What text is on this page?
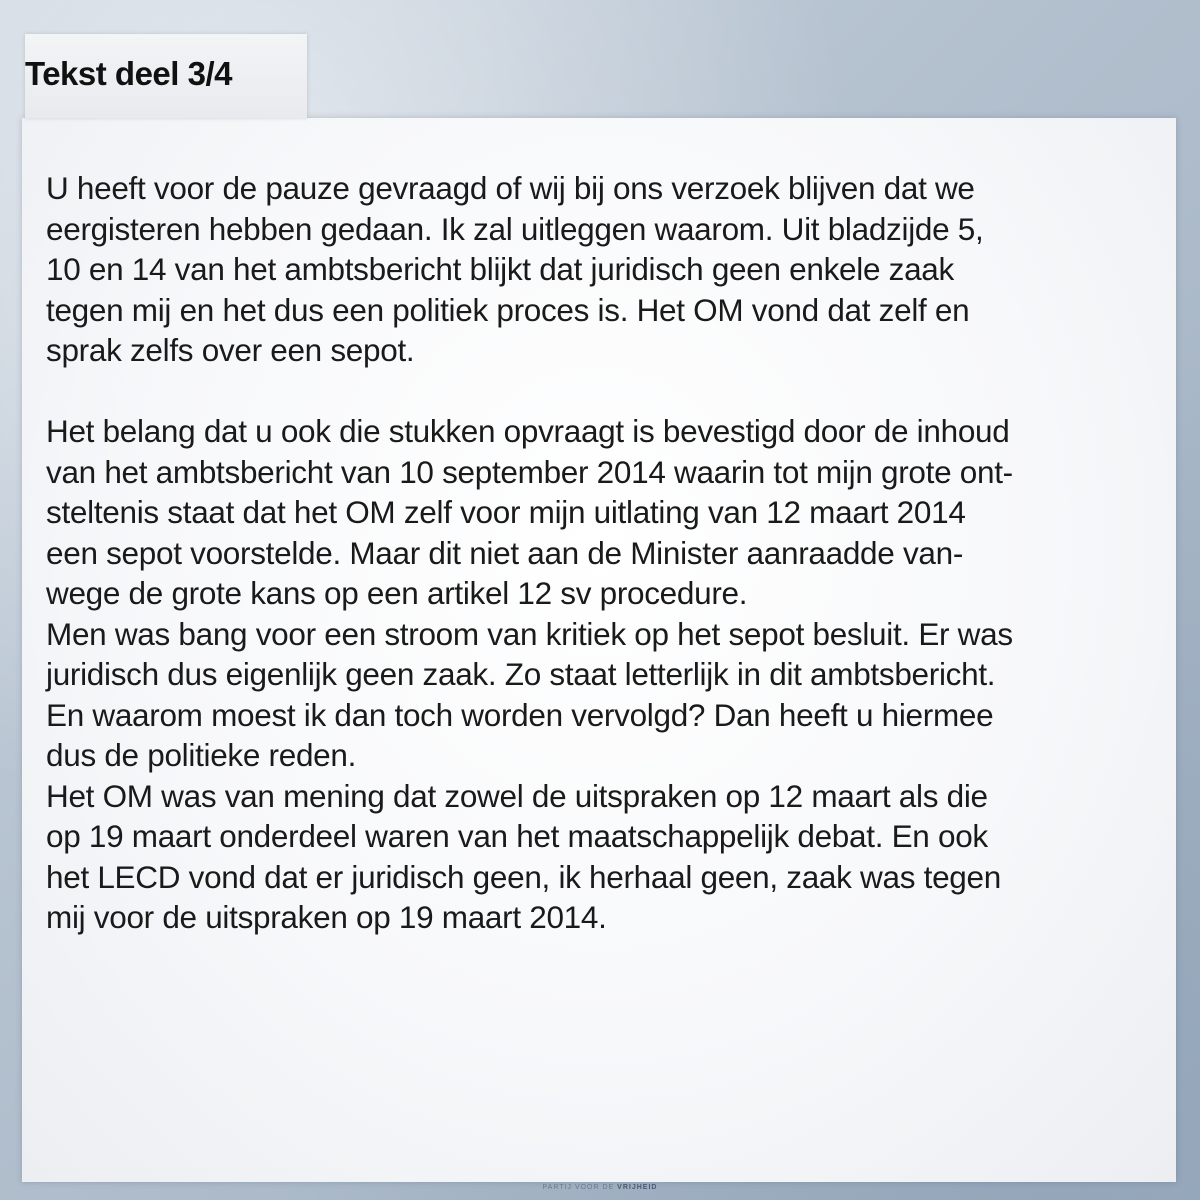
Tekst deel 3/4
U heeft voor de pauze gevraagd of wij bij ons verzoek blijven dat we
eergisteren hebben gedaan. Ik zal uitleggen waarom. Uit bladzijde 5,
10 en 14 van het ambtsbericht blijkt dat juridisch geen enkele zaak
tegen mij en het dus een politiek proces is. Het OM vond dat zelf en
sprak zelfs over een sepot.
Het belang dat u ook die stukken opvraagt is bevestigd door de inhoud
van het ambtsbericht van 10 september 2014 waarin tot mijn grote ont-
steltenis staat dat het OM zelf voor mijn uitlating van 12 maart 2014
een sepot voorstelde. Maar dit niet aan de Minister aanraadde van-
wege de grote kans op een artikel 12 sv procedure.
Men was bang voor een stroom van kritiek op het sepot besluit. Er was
juridisch dus eigenlijk geen zaak. Zo staat letterlijk in dit ambtsbericht.
En waarom moest ik dan toch worden vervolgd? Dan heeft u hiermee
dus de politieke reden.
Het OM was van mening dat zowel de uitspraken op 12 maart als die
op 19 maart onderdeel waren van het maatschappelijk debat. En ook
het LECD vond dat er juridisch geen, ik herhaal geen, zaak was tegen
mij voor de uitspraken op 19 maart 2014.
PARTIJ VOOR DE VRIJHEID
